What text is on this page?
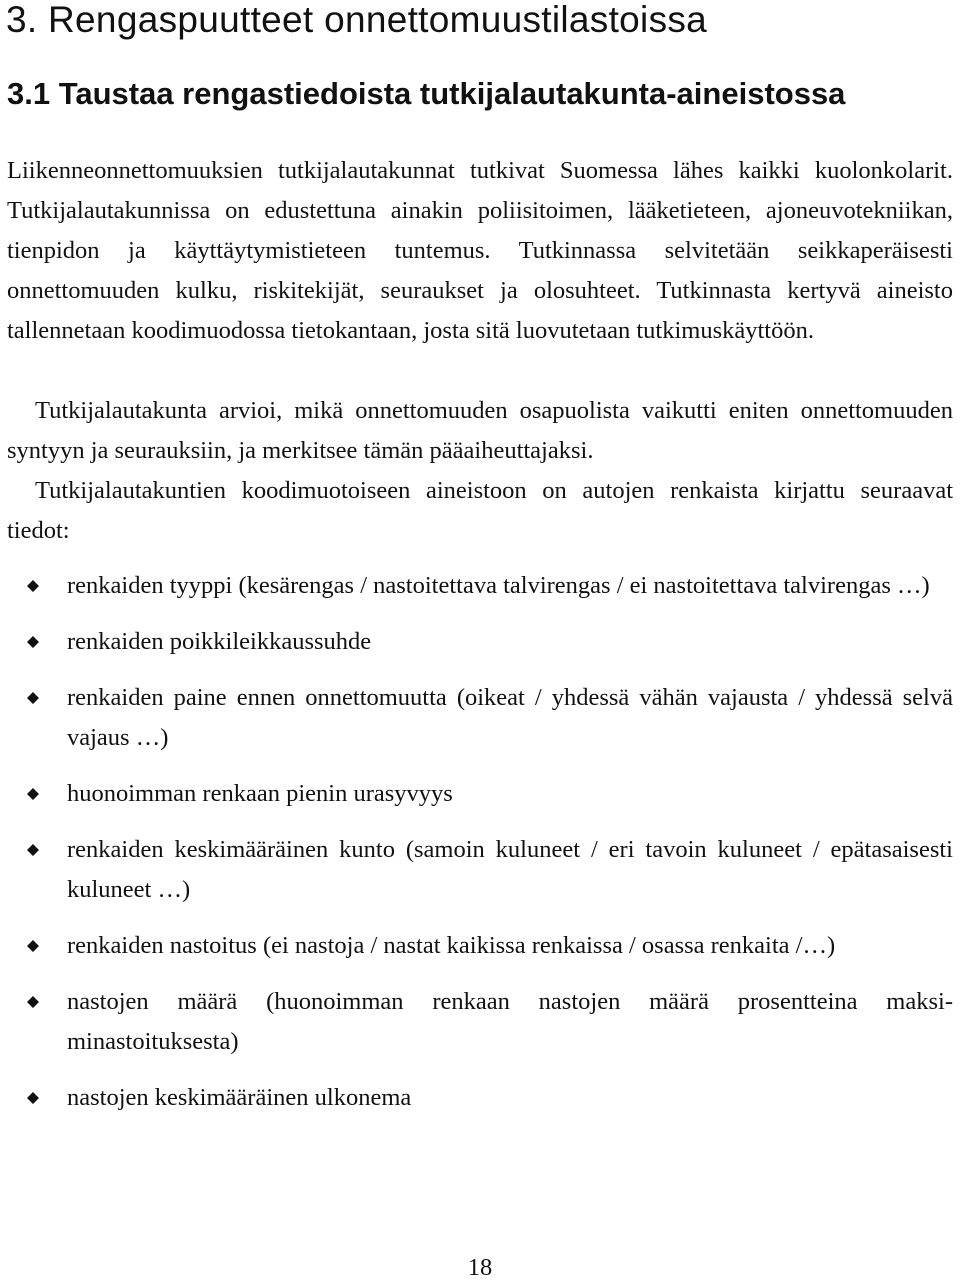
3. Rengaspuutteet onnettomuustilastoissa
3.1 Taustaa rengastiedoista tutkijalautakunta-aineistossa

Liikenneonnettomuuksien tutkijalautakunnat tutkivat Suomessa lähes kaikki kuolonkolarit. Tutkijalautakunnissa on edustettuna ainakin poliisitoimen, lääketieteen, ajoneuvotekniikan, tienpidon ja käyttäytymistieteen tuntemus. Tutkinnassa selvitetään seikkaperäisesti onnettomuuden kulku, riskitekijät, seuraukset ja olosuhteet. Tutkinnasta kertyvä aineisto tallennetaan koodimuodossa tietokantaan, josta sitä luovutetaan tutkimuskäyttöön.

Tutkijalautakunta arvioi, mikä onnettomuuden osapuolista vaikutti eniten onnettomuuden syntyyn ja seurauksiin, ja merkitsee tämän pääaiheuttajaksi.

Tutkijalautakuntien koodimuotoiseen aineistoon on autojen renkaista kirjattu seuraavat tiedot:

renkaiden tyyppi (kesärengas / nastoitettava talvirengas / ei nastoitettava talvirengas …)
renkaiden poikkileikkaussuhde
renkaiden paine ennen onnettomuutta (oikeat / yhdessä vähän vajausta / yhdessä selvä vajaus …)
huonoimman renkaan pienin urasyvyys
renkaiden keskimääräinen kunto (samoin kuluneet / eri tavoin kuluneet / epätasaisesti kuluneet …)
renkaiden nastoitus (ei nastoja / nastat kaikissa renkaissa / osassa renkaita /…)
nastojen määrä (huonoimman renkaan nastojen määrä prosentteina maksiminastoituksesta)
nastojen keskimääräinen ulkonema
18
